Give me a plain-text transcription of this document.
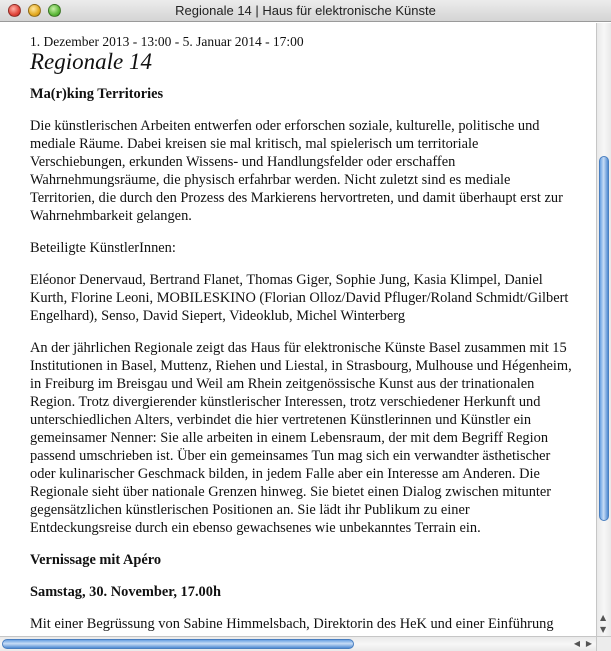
Regionale 14 | Haus für elektronische Künste
1. Dezember 2013 - 13:00 - 5. Januar 2014 - 17:00
Regionale 14
Ma(r)king Territories

Die künstlerischen Arbeiten entwerfen oder erforschen soziale, kulturelle, politische und mediale Räume. Dabei kreisen sie mal kritisch, mal spielerisch um territoriale Verschiebungen, erkunden Wissens- und Handlungsfelder oder erschaffen Wahrnehmungsräume, die physisch erfahrbar werden. Nicht zuletzt sind es mediale Territorien, die durch den Prozess des Markierens hervortreten, und damit überhaupt erst zur Wahrnehmbarkeit gelangen.

Beteiligte KünstlerInnen:

Eléonor Denervaud, Bertrand Flanet, Thomas Giger, Sophie Jung, Kasia Klimpel, Daniel Kurth, Florine Leoni, MOBILESKINO (Florian Olloz/David Pfluger/Roland Schmidt/Gilbert Engelhard), Senso, David Siepert, Videoklub, Michel Winterberg

An der jährlichen Regionale zeigt das Haus für elektronische Künste Basel zusammen mit 15 Institutionen in Basel, Muttenz, Riehen und Liestal, in Strasbourg, Mulhouse und Hégenheim, in Freiburg im Breisgau und Weil am Rhein zeitgenössische Kunst aus der trinationalen Region. Trotz divergierender künstlerischer Interessen, trotz verschiedener Herkunft und unterschiedlichen Alters, verbindet die hier vertretenen Künstlerinnen und Künstler ein gemeinsamer Nenner: Sie alle arbeiten in einem Lebensraum, der mit dem Begriff Region passend umschrieben ist. Über ein gemeinsames Tun mag sich ein verwandter ästhetischer oder kulinarischer Geschmack bilden, in jedem Falle aber ein Interesse am Anderen. Die Regionale sieht über nationale Grenzen hinweg. Sie bietet einen Dialog zwischen mitunter gegensätzlichen künstlerischen Positionen an. Sie lädt ihr Publikum zu einer Entdeckungsreise durch ein ebenso gewachsenes wie unbekanntes Terrain ein.

Vernissage mit Apéro
Samstag, 30. November, 17.00h

Mit einer Begrüssung von Sabine Himmelsbach, Direktorin des HeK und einer Einführung	▲
▼
◀ ▶
